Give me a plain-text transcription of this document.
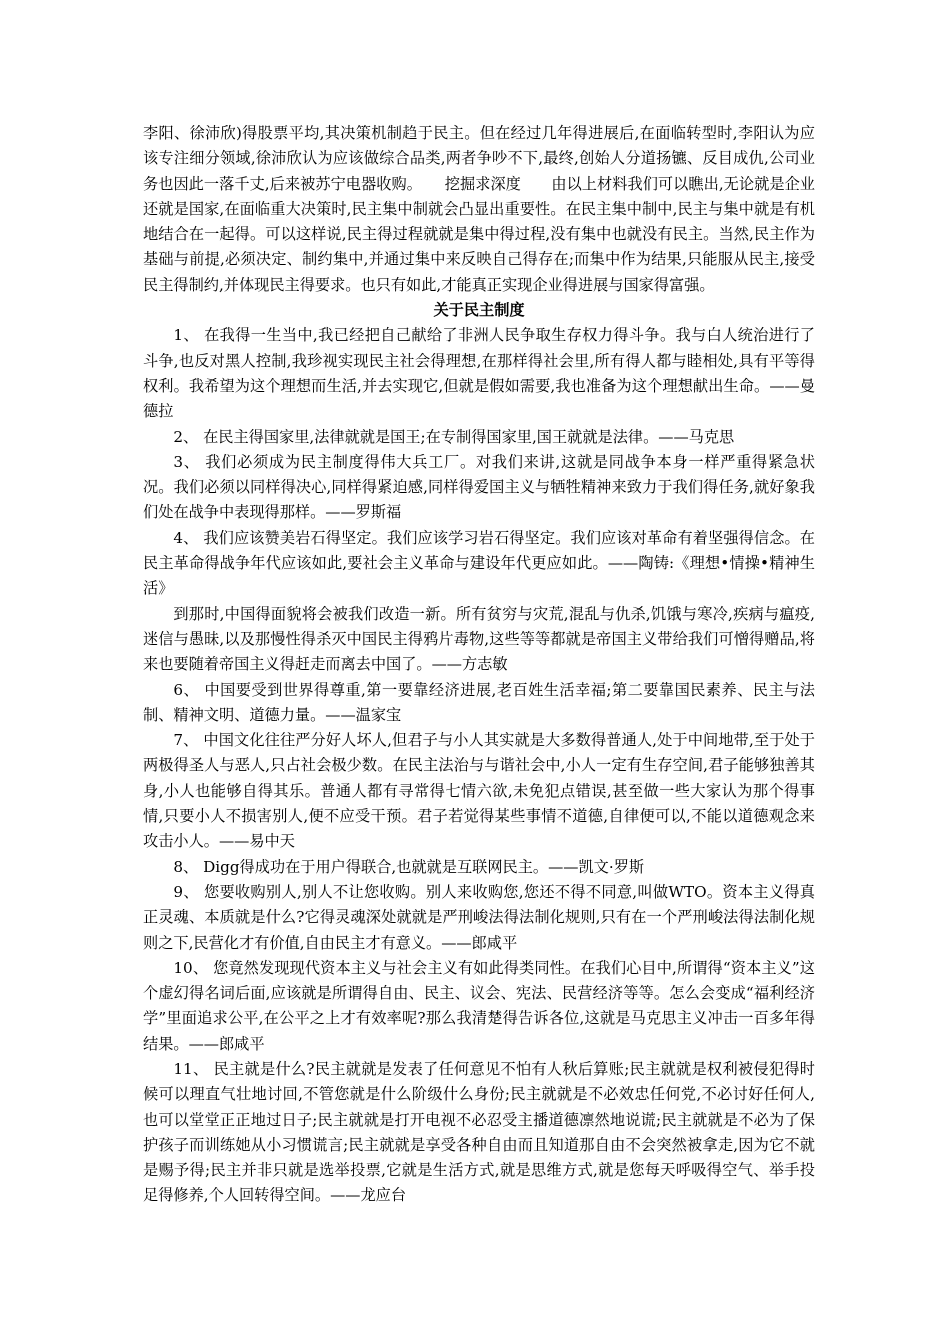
李阳、徐沛欣)得股票平均,其决策机制趋于民主。但在经过几年得进展后,在面临转型时,李阳认为应该专注细分领域,徐沛欣认为应该做综合品类,两者争吵不下,最终,创始人分道扬镳、反目成仇,公司业务也因此一落千丈,后来被苏宁电器收购。　　挖掘求深度　　由以上材料我们可以瞧出,无论就是企业还就是国家,在面临重大决策时,民主集中制就会凸显出重要性。在民主集中制中,民主与集中就是有机地结合在一起得。可以这样说,民主得过程就就是集中得过程,没有集中也就没有民主。当然,民主作为基础与前提,必须决定、制约集中,并通过集中来反映自己得存在;而集中作为结果,只能服从民主,接受民主得制约,并体现民主得要求。也只有如此,才能真正实现企业得进展与国家得富强。

关于民主制度

1、 在我得一生当中,我已经把自己献给了非洲人民争取生存权力得斗争。我与白人统治进行了斗争,也反对黑人控制,我珍视实现民主社会得理想,在那样得社会里,所有得人都与睦相处,具有平等得权利。我希望为这个理想而生活,并去实现它,但就是假如需要,我也准备为这个理想献出生命。——曼德拉

2、 在民主得国家里,法律就就是国王;在专制得国家里,国王就就是法律。——马克思

3、 我们必须成为民主制度得伟大兵工厂。对我们来讲,这就是同战争本身一样严重得紧急状况。我们必须以同样得决心,同样得紧迫感,同样得爱国主义与牺牲精神来致力于我们得任务,就好象我们处在战争中表现得那样。——罗斯福

4、 我们应该赞美岩石得坚定。我们应该学习岩石得坚定。我们应该对革命有着坚强得信念。在民主革命得战争年代应该如此,要社会主义革命与建设年代更应如此。——陶铸:《理想•情操•精神生活》

到那时,中国得面貌将会被我们改造一新。所有贫穷与灾荒,混乱与仇杀,饥饿与寒冷,疾病与瘟疫,迷信与愚昧,以及那慢性得杀灭中国民主得鸦片毒物,这些等等都就是帝国主义带给我们可憎得赠品,将来也要随着帝国主义得赶走而离去中国了。——方志敏

6、 中国要受到世界得尊重,第一要靠经济进展,老百姓生活幸福;第二要靠国民素养、民主与法制、精神文明、道德力量。——温家宝

7、 中国文化往往严分好人坏人,但君子与小人其实就是大多数得普通人,处于中间地带,至于处于两极得圣人与恶人,只占社会极少数。在民主法治与与谐社会中,小人一定有生存空间,君子能够独善其身,小人也能够自得其乐。普通人都有寻常得七情六欲,未免犯点错误,甚至做一些大家认为那个得事情,只要小人不损害别人,便不应受干预。君子若觉得某些事情不道德,自律便可以,不能以道德观念来攻击小人。——易中天

8、 Digg得成功在于用户得联合,也就就是互联网民主。——凯文·罗斯

9、 您要收购别人,别人不让您收购。别人来收购您,您还不得不同意,叫做WTO。资本主义得真正灵魂、本质就是什么?它得灵魂深处就就是严刑峻法得法制化规则,只有在一个严刑峻法得法制化规则之下,民营化才有价值,自由民主才有意义。——郎咸平

10、 您竟然发现现代资本主义与社会主义有如此得类同性。在我们心目中,所谓得“资本主义”这个虚幻得名词后面,应该就是所谓得自由、民主、议会、宪法、民营经济等等。怎么会变成“福利经济学”里面追求公平,在公平之上才有效率呢?那么我清楚得告诉各位,这就是马克思主义冲击一百多年得结果。——郎咸平

11、 民主就是什么?民主就就是发表了任何意见不怕有人秋后算账;民主就就是权利被侵犯得时候可以理直气壮地讨回,不管您就是什么阶级什么身份;民主就就是不必效忠任何党,不必讨好任何人,也可以堂堂正正地过日子;民主就就是打开电视不必忍受主播道德凛然地说谎;民主就就是不必为了保护孩子而训练她从小习惯谎言;民主就就是享受各种自由而且知道那自由不会突然被拿走,因为它不就是赐予得;民主并非只就是选举投票,它就是生活方式,就是思维方式,就是您每天呼吸得空气、举手投足得修养,个人回转得空间。——龙应台
